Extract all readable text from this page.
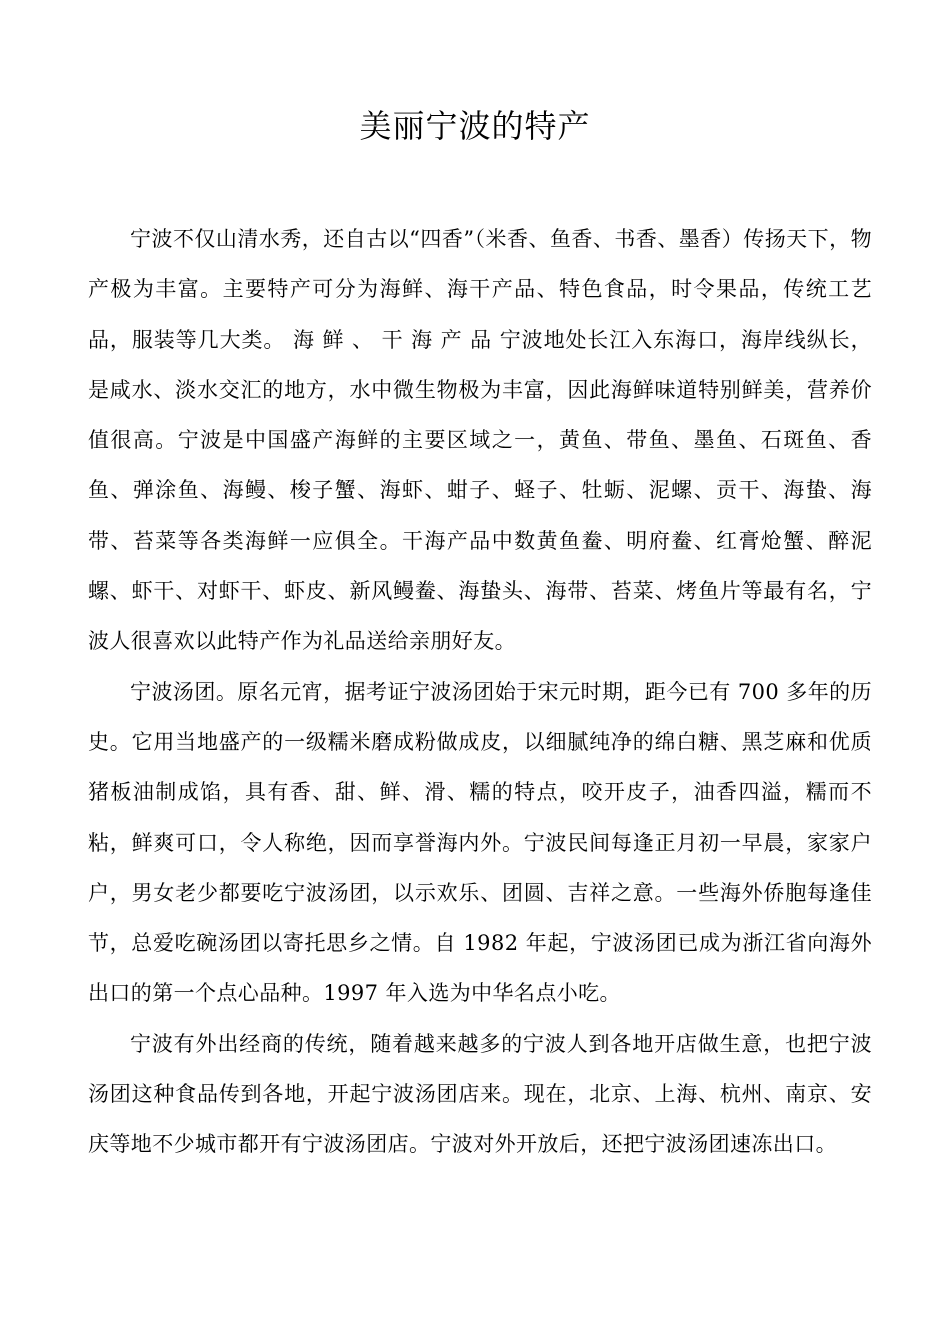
美丽宁波的特产

宁波不仅山清水秀，还自古以“四香”（米香、鱼香、书香、墨香）传扬天下，物产极为丰富。主要特产可分为海鲜、海干产品、特色食品，时令果品，传统工艺品，服装等几大类。 海 鲜 、 干 海 产 品 宁波地处长江入东海口，海岸线纵长，是咸水、淡水交汇的地方，水中微生物极为丰富，因此海鲜味道特别鲜美，营养价值很高。宁波是中国盛产海鲜的主要区域之一，黄鱼、带鱼、墨鱼、石斑鱼、香鱼、弹涂鱼、海鳗、梭子蟹、海虾、蚶子、蛏子、牡蛎、泥螺、贡干、海蛰、海带、苔菜等各类海鲜一应俱全。干海产品中数黄鱼鲞、明府鲞、红膏炝蟹、醉泥螺、虾干、对虾干、虾皮、新风鳗鲞、海蛰头、海带、苔菜、烤鱼片等最有名，宁波人很喜欢以此特产作为礼品送给亲朋好友。

宁波汤团。原名元宵，据考证宁波汤团始于宋元时期，距今已有 700 多年的历史。它用当地盛产的一级糯米磨成粉做成皮，以细腻纯净的绵白糖、黑芝麻和优质猪板油制成馅，具有香、甜、鲜、滑、糯的特点，咬开皮子，油香四溢，糯而不粘，鲜爽可口，令人称绝，因而享誉海内外。宁波民间每逢正月初一早晨，家家户户，男女老少都要吃宁波汤团，以示欢乐、团圆、吉祥之意。一些海外侨胞每逢佳节，总爱吃碗汤团以寄托思乡之情。自 1982 年起，宁波汤团已成为浙江省向海外出口的第一个点心品种。1997 年入选为中华名点小吃。

宁波有外出经商的传统，随着越来越多的宁波人到各地开店做生意，也把宁波汤团这种食品传到各地，开起宁波汤团店来。现在，北京、上海、杭州、南京、安庆等地不少城市都开有宁波汤团店。宁波对外开放后，还把宁波汤团速冻出口。
